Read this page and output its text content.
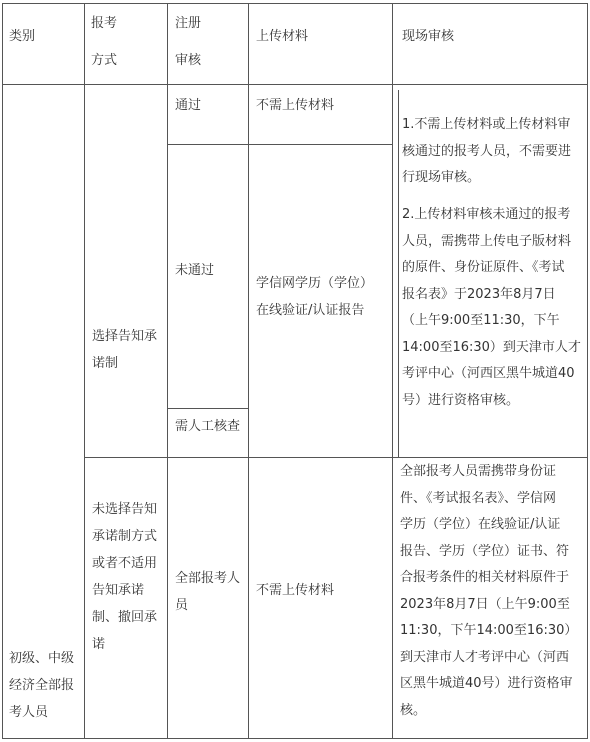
类别
报考
方式
注册
审核
上传材料	现场审核
初级、中级
经济全部报
考人员
选择告知承
诺制
未选择告知
承诺制方式
或者不适用
告知承诺
制、撤回承
诺
通过
未通过
需人工核查
全部报考人
员
不需上传材料
学信网学历（学位）
在线验证/认证报告
不需上传材料
1.不需上传材料或上传材料审
核通过的报考人员，不需要进
行现场审核。
2.上传材料审核未通过的报考
人员，需携带上传电子版材料
的原件、身份证原件、《考试
报名表》于2023年8月7日
（上午9:00至11:30，下午
14:00至16:30）到天津市人才
考评中心（河西区黑牛城道40
号）进行资格审核。
全部报考人员需携带身份证
件、《考试报名表》、学信网
学历（学位）在线验证/认证
报告、学历（学位）证书、符
合报考条件的相关材料原件于
2023年8月7日（上午9:00至
11:30，下午14:00至16:30）
到天津市人才考评中心（河西
区黑牛城道40号）进行资格审
核。
